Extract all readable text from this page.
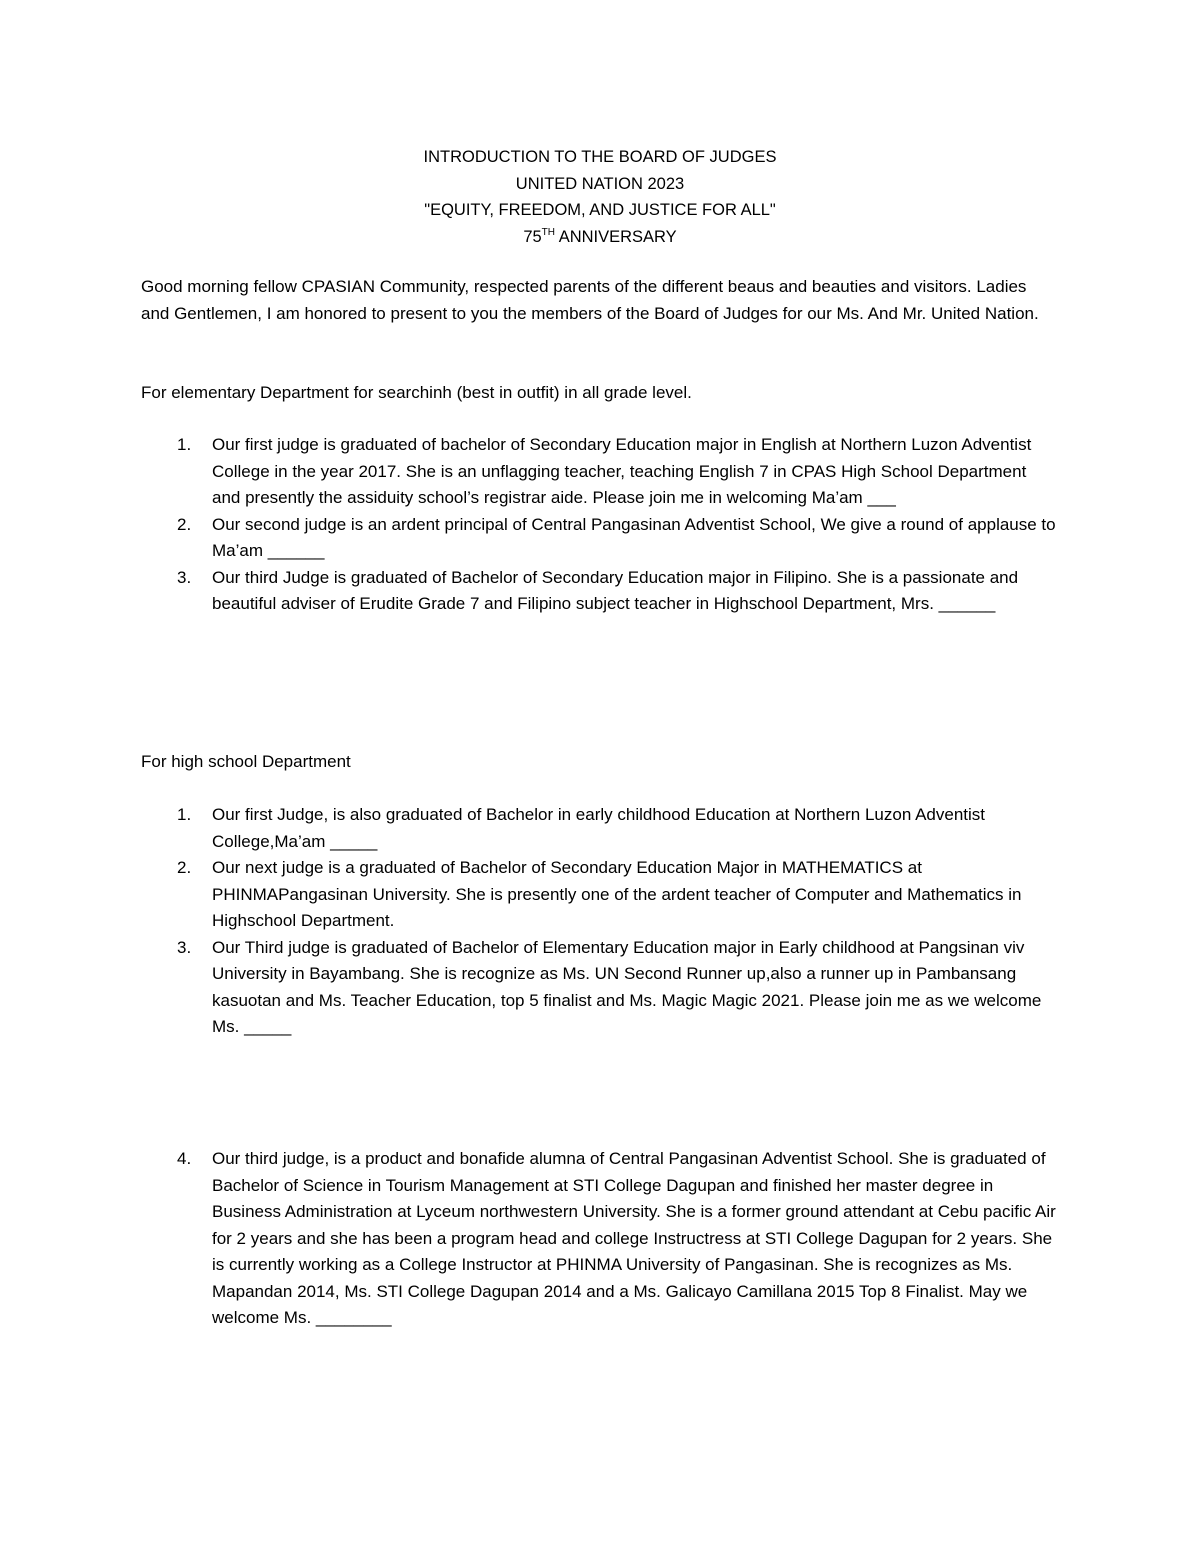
INTRODUCTION TO THE BOARD OF JUDGES
UNITED NATION 2023
"EQUITY, FREEDOM, AND JUSTICE FOR ALL"
75TH ANNIVERSARY
Good morning fellow CPASIAN Community, respected parents of the different beaus and beauties and visitors. Ladies and Gentlemen, I am honored to present to you the members of the Board of Judges for our Ms. And Mr. United Nation.
For elementary Department for searchinh (best in outfit) in all grade level.
1. Our first judge is graduated of bachelor of Secondary Education major in English at Northern Luzon Adventist College in the year 2017. She is an unflagging teacher, teaching English 7 in CPAS High School Department and presently the assiduity school’s registrar aide. Please join me in welcoming Ma’am ___
2. Our second judge is an ardent principal of Central Pangasinan Adventist School, We give a round of applause to Ma’am ______
3. Our third Judge is graduated of Bachelor of Secondary Education major in Filipino. She is a passionate and beautiful adviser of Erudite Grade 7 and Filipino subject teacher in Highschool Department, Mrs. ______
For high school Department
1. Our first Judge, is also graduated of Bachelor in early childhood Education at Northern Luzon Adventist College,Ma’am _____
2. Our next judge is a graduated of Bachelor of Secondary Education Major in MATHEMATICS at PHINMAPangasinan University. She is presently one of the ardent teacher of Computer and Mathematics in Highschool Department.
3. Our Third judge is graduated of Bachelor of Elementary Education major in Early childhood at Pangsinan viv University in Bayambang. She is recognize as Ms. UN Second Runner up,also a runner up in Pambansang kasuotan and Ms. Teacher Education, top 5 finalist and Ms. Magic Magic 2021. Please join me as we welcome Ms. _____
4. Our third judge, is a product and bonafide alumna of Central Pangasinan Adventist School. She is graduated of Bachelor of Science in Tourism Management at STI College Dagupan and finished her master degree in Business Administration at Lyceum northwestern University. She is a former ground attendant at Cebu pacific Air for 2 years and she has been a program head and college Instructress at STI College Dagupan for 2 years. She is currently working as a College Instructor at PHINMA University of Pangasinan. She is recognizes as Ms. Mapandan 2014, Ms. STI College Dagupan 2014 and a Ms. Galicayo Camillana 2015 Top 8 Finalist. May we welcome Ms. ________
